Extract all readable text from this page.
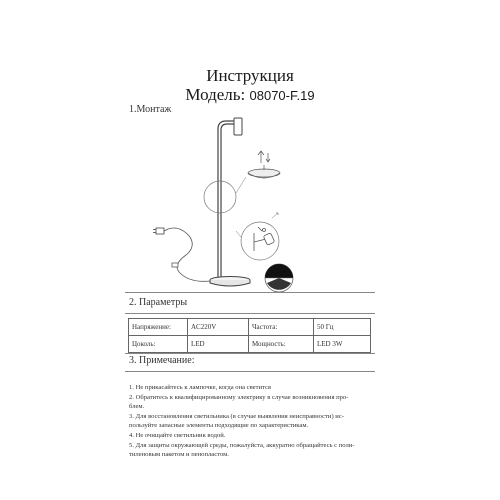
Инструкция
Модель: 08070-F.19
1.Монтаж
2. Параметры
Напряжение:	AC220V	Частота:	50 Гц
Цоколь:	LED	Мощность:	LED 3W
3. Примечание:
1. Не прикасайтесь к лампочке, когда она светится
2. Обратитесь к квалифицированному электрику в случае возникновения про-
блем.
3. Для восстановления светильника (в случае выявления неисправности) ис-
пользуйте запасные элементы подходящие по характеристикам.
4. Не очищайте светильник водой.
5. Для защиты окружающей среды, пожалуйста, аккуратно обращайтесь с поли-
тиленовым пакетом и пенопластом.
